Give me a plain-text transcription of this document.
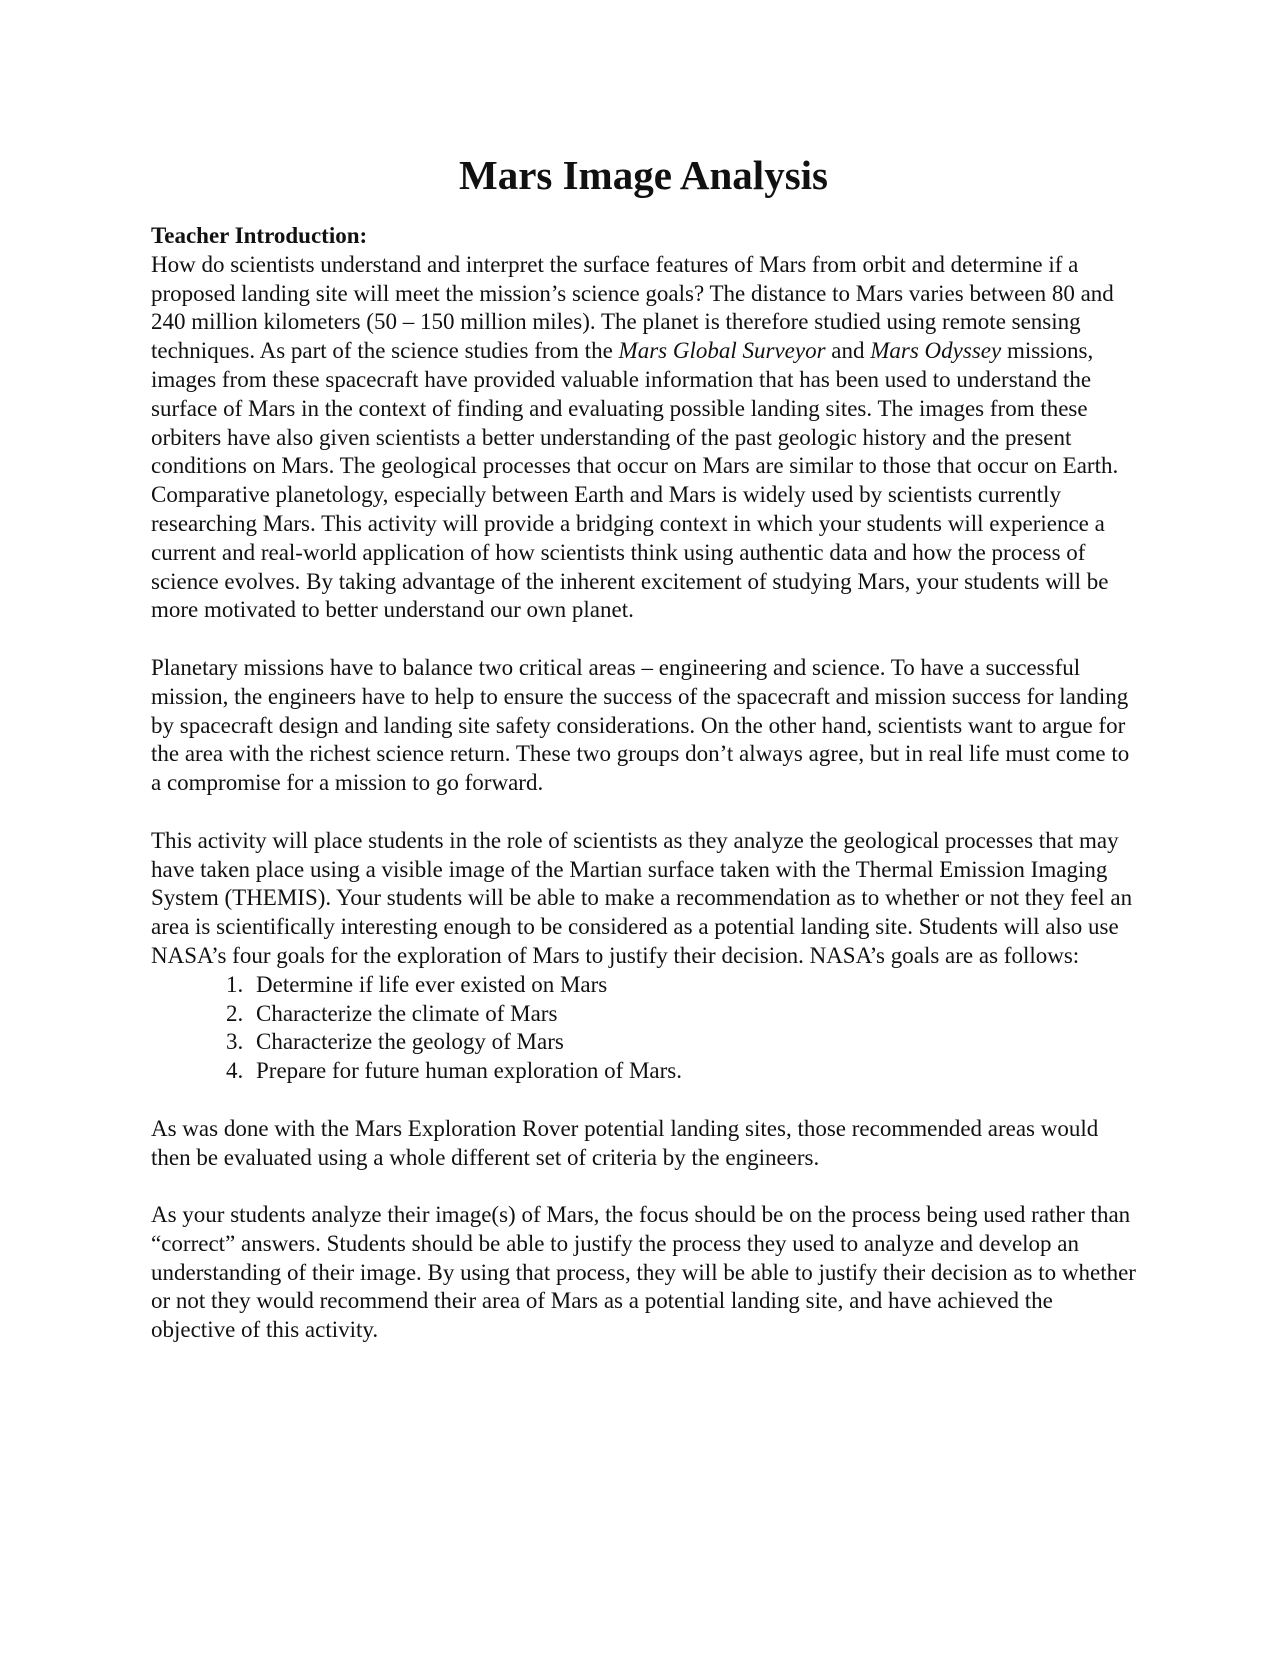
Mars Image Analysis
Teacher Introduction:

How do scientists understand and interpret the surface features of Mars from orbit and determine if a proposed landing site will meet the mission’s science goals? The distance to Mars varies between 80 and 240 million kilometers (50 – 150 million miles). The planet is therefore studied using remote sensing techniques. As part of the science studies from the Mars Global Surveyor and Mars Odyssey missions, images from these spacecraft have provided valuable information that has been used to understand the surface of Mars in the context of finding and evaluating possible landing sites. The images from these orbiters have also given scientists a better understanding of the past geologic history and the present conditions on Mars. The geological processes that occur on Mars are similar to those that occur on Earth. Comparative planetology, especially between Earth and Mars is widely used by scientists currently researching Mars. This activity will provide a bridging context in which your students will experience a current and real-world application of how scientists think using authentic data and how the process of science evolves. By taking advantage of the inherent excitement of studying Mars, your students will be more motivated to better understand our own planet.

Planetary missions have to balance two critical areas – engineering and science. To have a successful mission, the engineers have to help to ensure the success of the spacecraft and mission success for landing by spacecraft design and landing site safety considerations. On the other hand, scientists want to argue for the area with the richest science return. These two groups don’t always agree, but in real life must come to a compromise for a mission to go forward.

This activity will place students in the role of scientists as they analyze the geological processes that may have taken place using a visible image of the Martian surface taken with the Thermal Emission Imaging System (THEMIS). Your students will be able to make a recommendation as to whether or not they feel an area is scientifically interesting enough to be considered as a potential landing site. Students will also use NASA’s four goals for the exploration of Mars to justify their decision. NASA’s goals are as follows:

1. Determine if life ever existed on Mars
2. Characterize the climate of Mars
3. Characterize the geology of Mars
4. Prepare for future human exploration of Mars.

As was done with the Mars Exploration Rover potential landing sites, those recommended areas would then be evaluated using a whole different set of criteria by the engineers.

As your students analyze their image(s) of Mars, the focus should be on the process being used rather than “correct” answers. Students should be able to justify the process they used to analyze and develop an understanding of their image. By using that process, they will be able to justify their decision as to whether or not they would recommend their area of Mars as a potential landing site, and have achieved the objective of this activity.
